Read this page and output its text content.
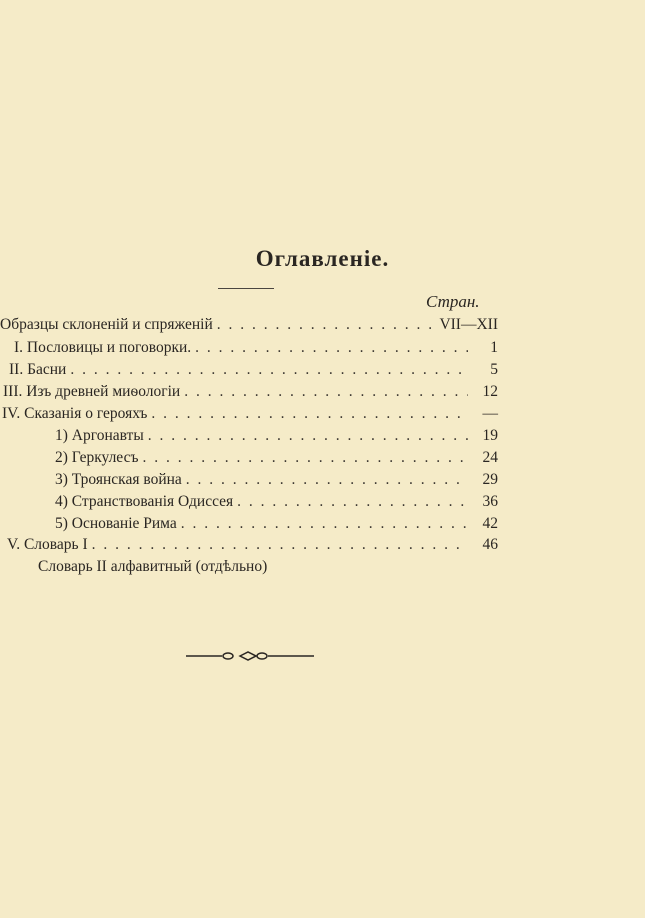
Оглавленіе.
Стран.
Образцы склоненій и спряженій . . .	VII—XII
I. Пословицы и поговорки. . . .	1
II. Басни . . .	5
III. Изъ древней миѳологіи . . .	12
IV. Сказанія о герояхъ . . .	—
1) Аргонавты . . .	19
2) Геркулесъ . . .	24
3) Троянская война . . .	29
4) Странствованія Одиссея . . .	36
5) Основаніе Рима . . .	42
V. Словарь I . . .	46
Словарь II алфавитный (отдѣльно)
